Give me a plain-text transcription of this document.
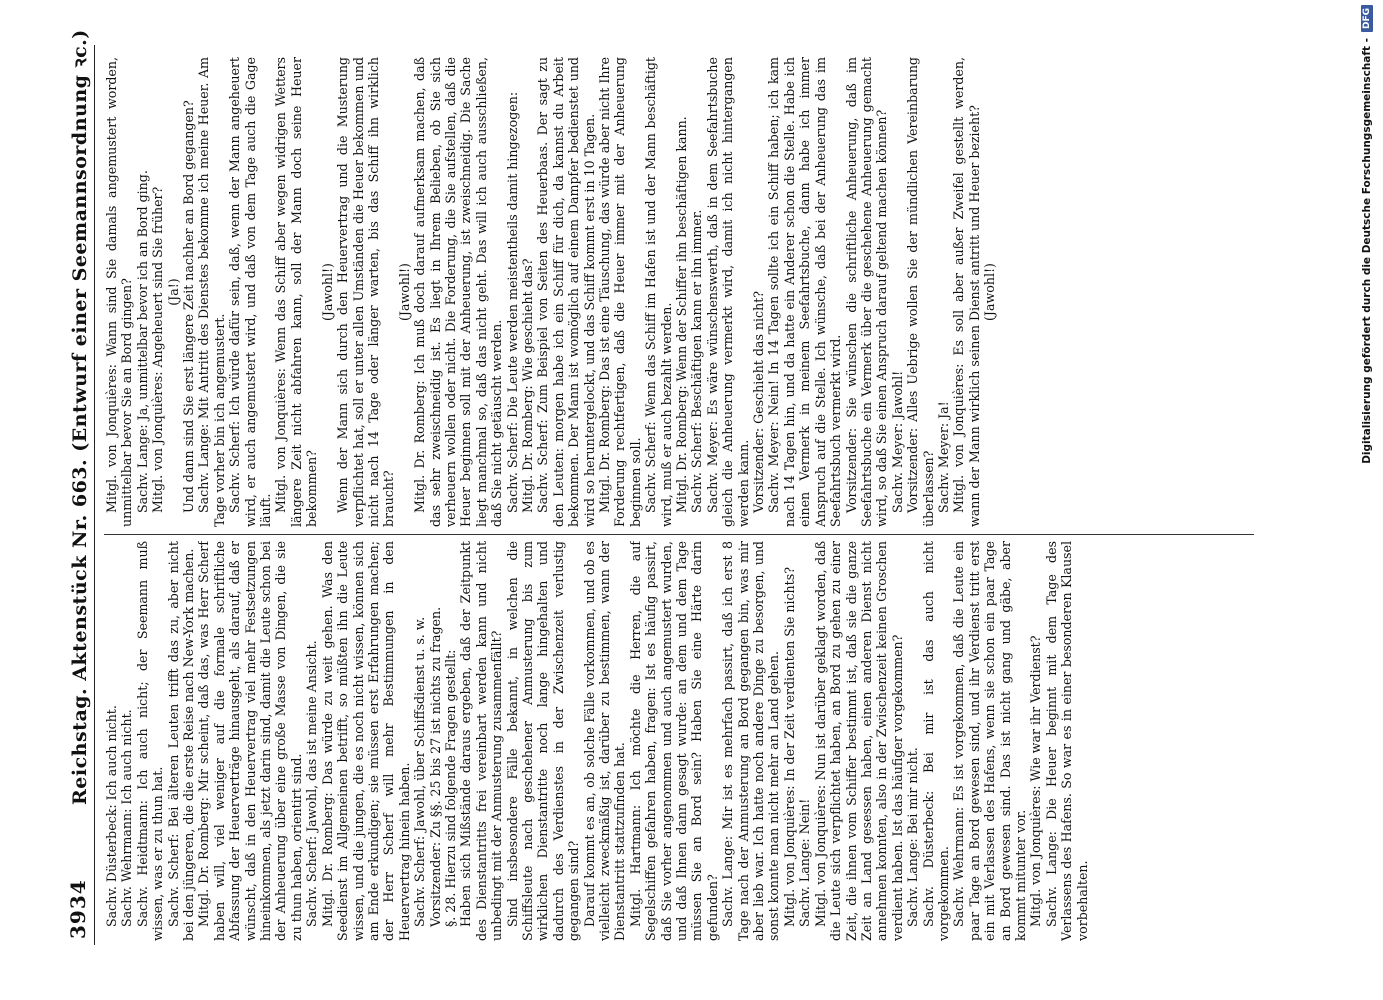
3934
Reichstag. Aktenstück Nr. 663. (Entwurf einer Seemannsordnung ꝛc.)

Sachv. Düsterbeck: Ich auch nicht. Sachv. Wehrmann: Ich auch nicht. Sachv. Heidtmann: Ich auch nicht; der Seemann muß wissen, was er zu thun hat. Sachv. Scherf: Bei älteren Leuten trifft das zu, aber nicht bei den jüngeren, die die erste Reise nach New-York machen. Mitgl. Dr. Romberg: Mir scheint, daß das, was Herr Scherf haben will, viel weniger auf die formale schriftliche Abfassung der Heuerverträge hinausgeht, als darauf, daß er wünscht, daß in den Heuervertrag viel mehr Festsetzungen hineinkommen, als jetzt darin sind, damit die Leute schon bei der Anheuerung über eine große Masse von Dingen, die sie zu thun haben, orientirt sind. Sachv. Scherf: Jawohl, das ist meine Ansicht. Mitgl. Dr. Romberg: Das würde zu weit gehen. Was den Seedienst im Allgemeinen betrifft, so müßten ihn die Leute wissen, und die jungen, die es noch nicht wissen, können sich am Ende erkundigen; sie müssen erst Erfahrungen machen; der Herr Scherf will mehr Bestimmungen in den Heuervertrag hinein haben. Sachv. Scherf: Jawohl, über Schiffsdienst u. s. w. Vorsitzender: Zu §§. 25 bis 27 ist nichts zu fragen. §. 28. Hierzu sind folgende Fragen gestellt: Haben sich Mißstände daraus ergeben, daß der Zeitpunkt des Dienstantritts frei vereinbart werden kann und nicht unbedingt mit der Anmusterung zusammenfällt? Sind insbesondere Fälle bekannt, in welchen die Schiffsleute nach geschehener Anmusterung bis zum wirklichen Dienstantritte noch lange hingehalten und dadurch des Verdienstes in der Zwischenzeit verlustig gegangen sind? Darauf kommt es an, ob solche Fälle vorkommen, und ob es vielleicht zweckmäßig ist, darüber zu bestimmen, wann der Dienstantritt stattzufinden hat. Mitgl. Hartmann: Ich möchte die Herren, die auf Segelschiffen gefahren haben, fragen: Ist es häufig passirt, daß Sie vorher angenommen und auch angemustert wurden, und daß Ihnen dann gesagt wurde: an dem und dem Tage müssen Sie an Bord sein? Haben Sie eine Härte darin gefunden? Sachv. Lange: Mir ist es mehrfach passirt, daß ich erst 8 Tage nach der Anmusterung an Bord gegangen bin, was mir aber lieb war. Ich hatte noch andere Dinge zu besorgen, und sonst konnte man nicht mehr an Land gehen. Mitgl. von Jonquières: In der Zeit verdienten Sie nichts? Sachv. Lange: Nein! Mitgl. von Jonquières: Nun ist darüber geklagt worden, daß die Leute sich verpflichtet haben, an Bord zu gehen zu einer Zeit, die ihnen vom Schiffer bestimmt ist, daß sie die ganze Zeit an Land gesessen haben, einen anderen Dienst nicht annehmen konnten, also in der Zwischenzeit keinen Groschen verdient haben. Ist das häufiger vorgekommen? Sachv. Lange: Bei mir nicht. Sachv. Düsterbeck: Bei mir ist das auch nicht vorgekommen. Sachv. Wehrmann: Es ist vorgekommen, daß die Leute ein paar Tage an Bord gewesen sind, und ihr Verdienst tritt erst ein mit Verlassen des Hafens, wenn sie schon ein paar Tage an Bord gewesen sind. Das ist nicht gang und gäbe, aber kommt mitunter vor. Mitgl. von Jonquières: Wie war ihr Verdienst? Sachv. Lange: Die Heuer beginnt mit dem Tage des Verlassens des Hafens. So war es in einer besonderen Klausel vorbehalten.

Mitgl. von Jonquières: Wann sind Sie damals angemustert worden, unmittelbar bevor Sie an Bord gingen? Sachv. Lange: Ja, unmittelbar bevor ich an Bord ging. Mitgl. von Jonquières: Angeheuert sind Sie früher? (Ja!) Und dann sind Sie erst längere Zeit nachher an Bord gegangen? Sachv. Lange: Mit Antritt des Dienstes bekomme ich meine Heuer. Am Tage vorher bin ich angemustert. Sachv. Scherf: Ich würde dafür sein, daß, wenn der Mann angeheuert wird, er auch angemustert wird, und daß von dem Tage auch die Gage läuft. Mitgl. von Jonquières: Wenn das Schiff aber wegen widrigen Wetters längere Zeit nicht abfahren kann, soll der Mann doch seine Heuer bekommen?

(Jawohl!) Wenn der Mann sich durch den Heuervertrag und die Musterung verpflichtet hat, soll er unter allen Umständen die Heuer bekommen und nicht nach 14 Tage oder länger warten, bis das Schiff ihn wirklich braucht?

(Jawohl!) Mitgl. Dr. Romberg: Ich muß doch darauf aufmerksam machen, daß das sehr zweischneidig ist. Es liegt in Ihrem Belieben, ob Sie sich verheuern wollen oder nicht. Die Forderung, die Sie aufstellen, daß die Heuer beginnen soll mit der Anheuerung, ist zweischneidig. Die Sache liegt manchmal so, daß das nicht geht. Das will ich auch ausschließen, daß Sie nicht getäuscht werden. Sachv. Scherf: Die Leute werden meistentheils damit hingezogen: Mitgl. Dr. Romberg: Wie geschieht das? Sachv. Scherf: Zum Beispiel von Seiten des Heuerbaas. Der sagt zu den Leuten: morgen habe ich ein Schiff für dich, da kannst du Arbeit bekommen. Der Mann ist womöglich auf einem Dampfer bedienstet und wird so heruntergelockt, und das Schiff kommt erst in 10 Tagen. Mitgl. Dr. Romberg: Das ist eine Täuschung, das würde aber nicht Ihre Forderung rechtfertigen, daß die Heuer immer mit der Anheuerung beginnen soll. Sachv. Scherf: Wenn das Schiff im Hafen ist und der Mann beschäftigt wird, muß er auch bezahlt werden. Mitgl. Dr. Romberg: Wenn der Schiffer ihn beschäftigen kann. Sachv. Scherf: Beschäftigen kann er ihn immer. Sachv. Meyer: Es wäre wünschenswerth, daß in dem Seefahrtsbuche gleich die Anheuerung vermerkt wird, damit ich nicht hintergangen werden kann. Vorsitzender: Geschieht das nicht? Sachv. Meyer: Nein! In 14 Tagen sollte ich ein Schiff haben; ich kam nach 14 Tagen hin, und da hatte ein Anderer schon die Stelle. Habe ich einen Vermerk in meinem Seefahrtsbuche, dann habe ich immer Anspruch auf die Stelle. Ich wünsche, daß bei der Anheuerung das im Seefahrtsbuch vermerkt wird. Vorsitzender: Sie wünschen die schriftliche Anheuerung, daß im Seefahrtsbuche ein Vermerk über die geschehene Anheuerung gemacht wird, so daß Sie einen Anspruch darauf geltend machen können? Sachv. Meyer: Jawohl! Vorsitzender: Alles Uebrige wollen Sie der mündlichen Vereinbarung überlassen? Sachv. Meyer: Ja! Mitgl. von Jonquières: Es soll aber außer Zweifel gestellt werden, wann der Mann wirklich seinen Dienst antritt und Heuer bezieht? (Jawohl!)	Digitalisierung gefördert durch die Deutsche Forschungsgemeinschaft -
DFG
